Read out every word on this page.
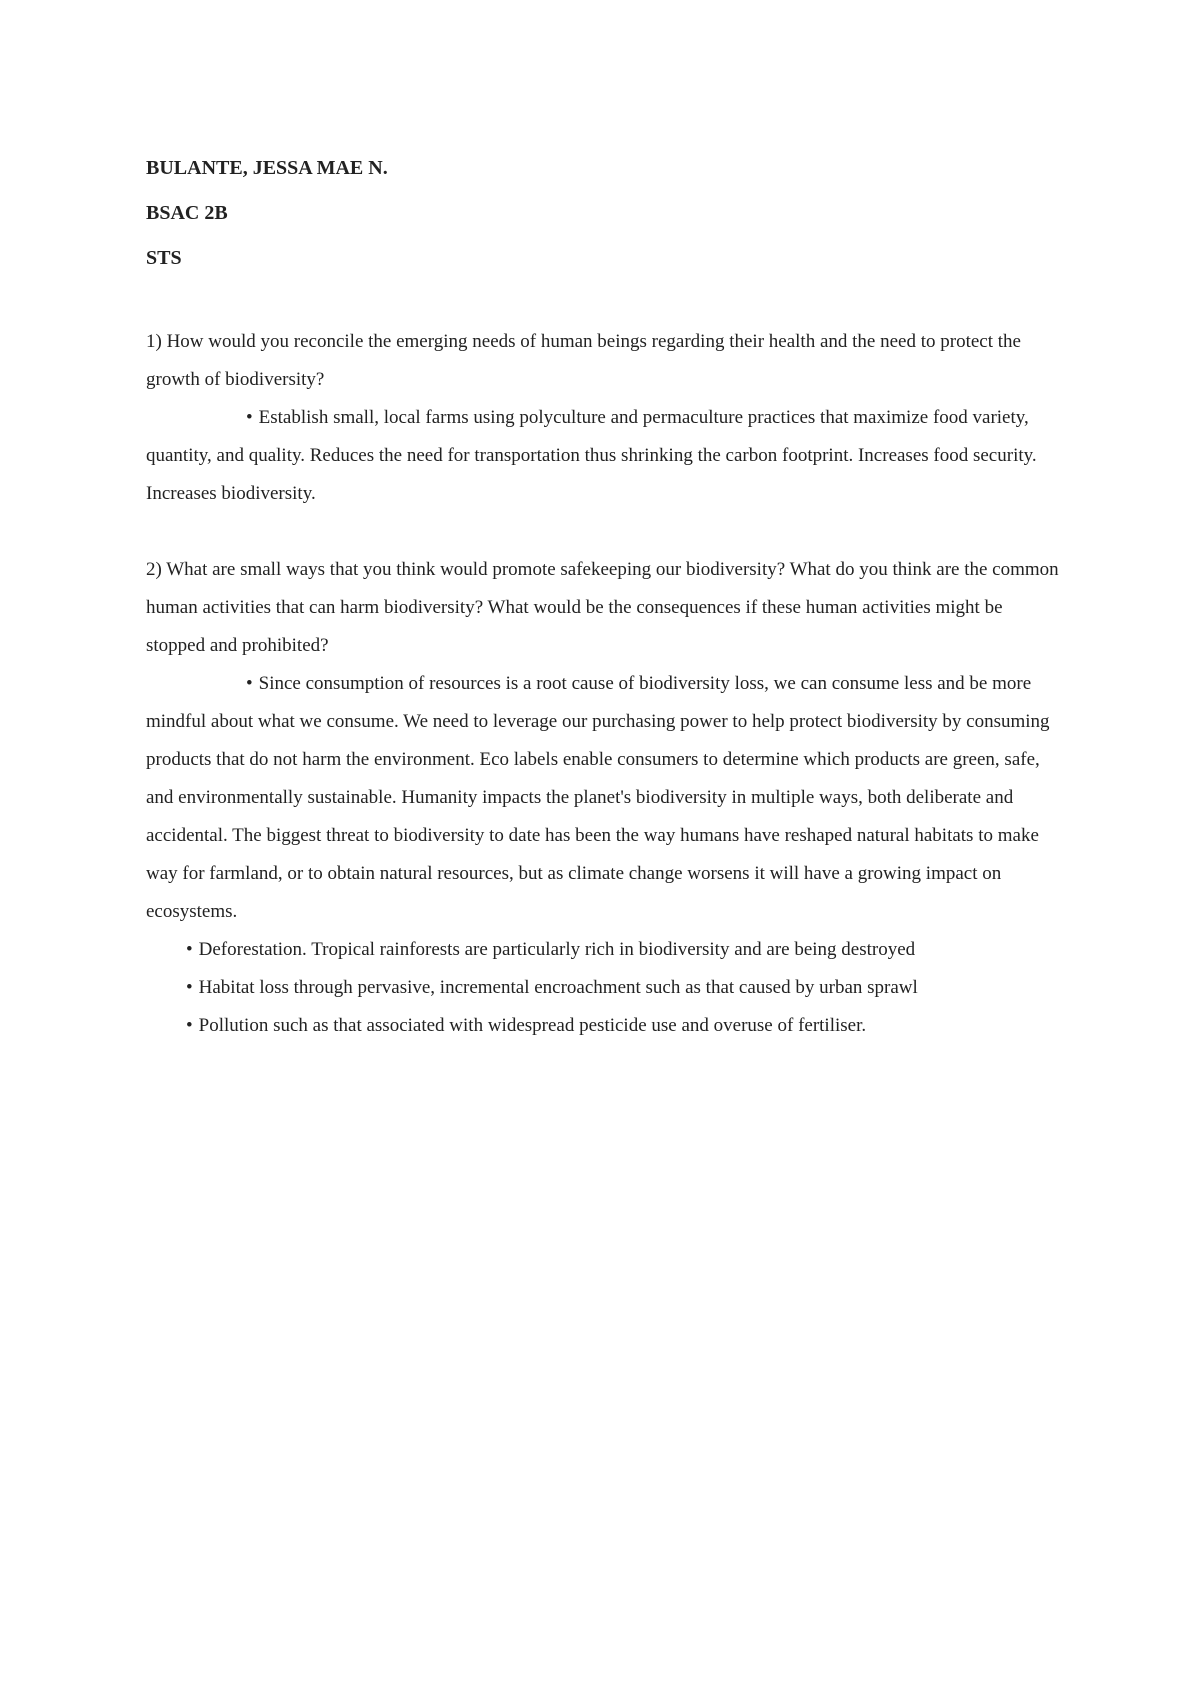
BULANTE, JESSA MAE N.
BSAC 2B
STS

1) How would you reconcile the emerging needs of human beings regarding their health and the need to protect the growth of biodiversity?

• Establish small, local farms using polyculture and permaculture practices that maximize food variety, quantity, and quality. Reduces the need for transportation thus shrinking the carbon footprint. Increases food security. Increases biodiversity.

2) What are small ways that you think would promote safekeeping our biodiversity? What do you think are the common human activities that can harm biodiversity? What would be the consequences if these human activities might be stopped and prohibited?

• Since consumption of resources is a root cause of biodiversity loss, we can consume less and be more mindful about what we consume. We need to leverage our purchasing power to help protect biodiversity by consuming products that do not harm the environment. Eco labels enable consumers to determine which products are green, safe, and environmentally sustainable. Humanity impacts the planet's biodiversity in multiple ways, both deliberate and accidental. The biggest threat to biodiversity to date has been the way humans have reshaped natural habitats to make way for farmland, or to obtain natural resources, but as climate change worsens it will have a growing impact on ecosystems.

• Deforestation. Tropical rainforests are particularly rich in biodiversity and are being destroyed
• Habitat loss through pervasive, incremental encroachment such as that caused by urban sprawl
• Pollution such as that associated with widespread pesticide use and overuse of fertiliser.
